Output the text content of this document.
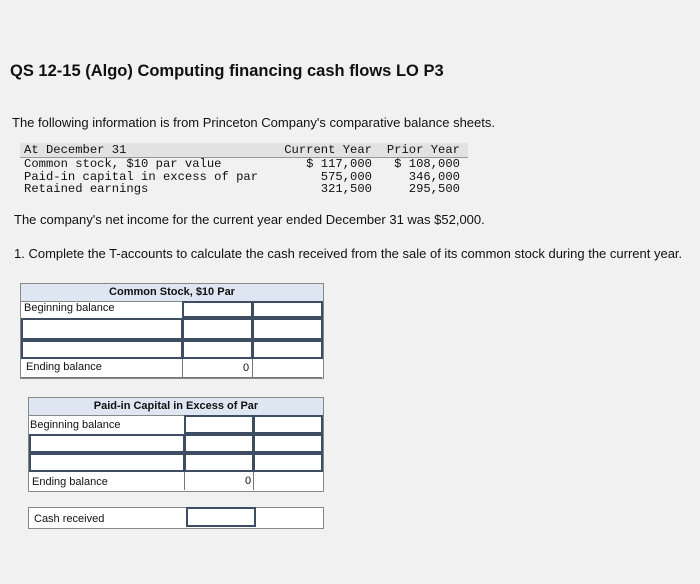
QS 12-15 (Algo) Computing financing cash flows LO P3
The following information is from Princeton Company's comparative balance sheets.
At December 31	Current Year	Prior Year
Common stock, $10 par value	$ 117,000	$ 108,000
Paid-in capital in excess of par	575,000	346,000
Retained earnings	321,500	295,500
The company's net income for the current year ended December 31 was $52,000.
1. Complete the T-accounts to calculate the cash received from the sale of its common stock during the current year.
Common Stock, $10 Par
Beginning balance
Ending balance	0
Paid-in Capital in Excess of Par
Beginning balance
Ending balance	0
Cash received
